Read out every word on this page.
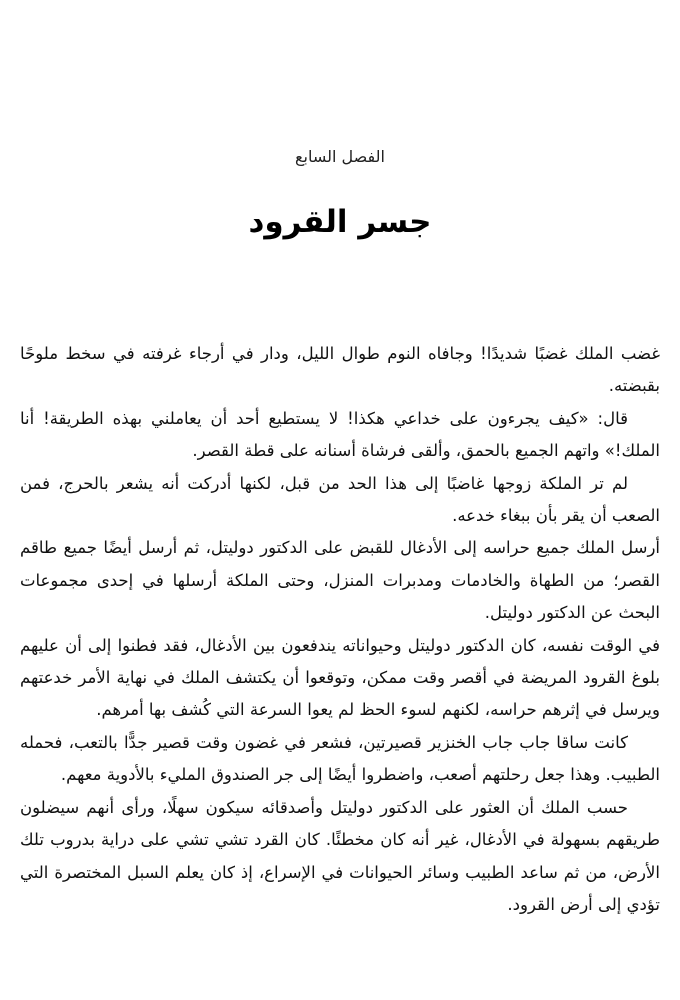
الفصل السابع
جسر القرود

غضب الملك غضبًا شديدًا! وجافاه النوم طوال الليل، ودار في أرجاء غرفته في سخط ملوحًا بقبضته.

قال: «كيف يجرءون على خداعي هكذا! لا يستطيع أحد أن يعاملني بهذه الطريقة! أنا الملك!» واتهم الجميع بالحمق، وألقى فرشاة أسنانه على قطة القصر.

لم تر الملكة زوجها غاضبًا إلى هذا الحد من قبل، لكنها أدركت أنه يشعر بالحرج، فمن الصعب أن يقر بأن ببغاء خدعه.

أرسل الملك جميع حراسه إلى الأدغال للقبض على الدكتور دوليتل، ثم أرسل أيضًا جميع طاقم القصر؛ من الطهاة والخادمات ومدبرات المنزل، وحتى الملكة أرسلها في إحدى مجموعات البحث عن الدكتور دوليتل.

في الوقت نفسه، كان الدكتور دوليتل وحيواناته يندفعون بين الأدغال، فقد فطنوا إلى أن عليهم بلوغ القرود المريضة في أقصر وقت ممكن، وتوقعوا أن يكتشف الملك في نهاية الأمر خدعتهم ويرسل في إثرهم حراسه، لكنهم لسوء الحظ لم يعوا السرعة التي كُشف بها أمرهم.

كانت ساقا جاب جاب الخنزير قصيرتين، فشعر في غضون وقت قصير جدًّا بالتعب، فحمله الطبيب. وهذا جعل رحلتهم أصعب، واضطروا أيضًا إلى جر الصندوق المليء بالأدوية معهم.

حسب الملك أن العثور على الدكتور دوليتل وأصدقائه سيكون سهلًا، ورأى أنهم سيضلون طريقهم بسهولة في الأدغال، غير أنه كان مخطئًا. كان القرد تشي تشي على دراية بدروب تلك الأرض، من ثم ساعد الطبيب وسائر الحيوانات في الإسراع، إذ كان يعلم السبل المختصرة التي تؤدي إلى أرض القرود.
